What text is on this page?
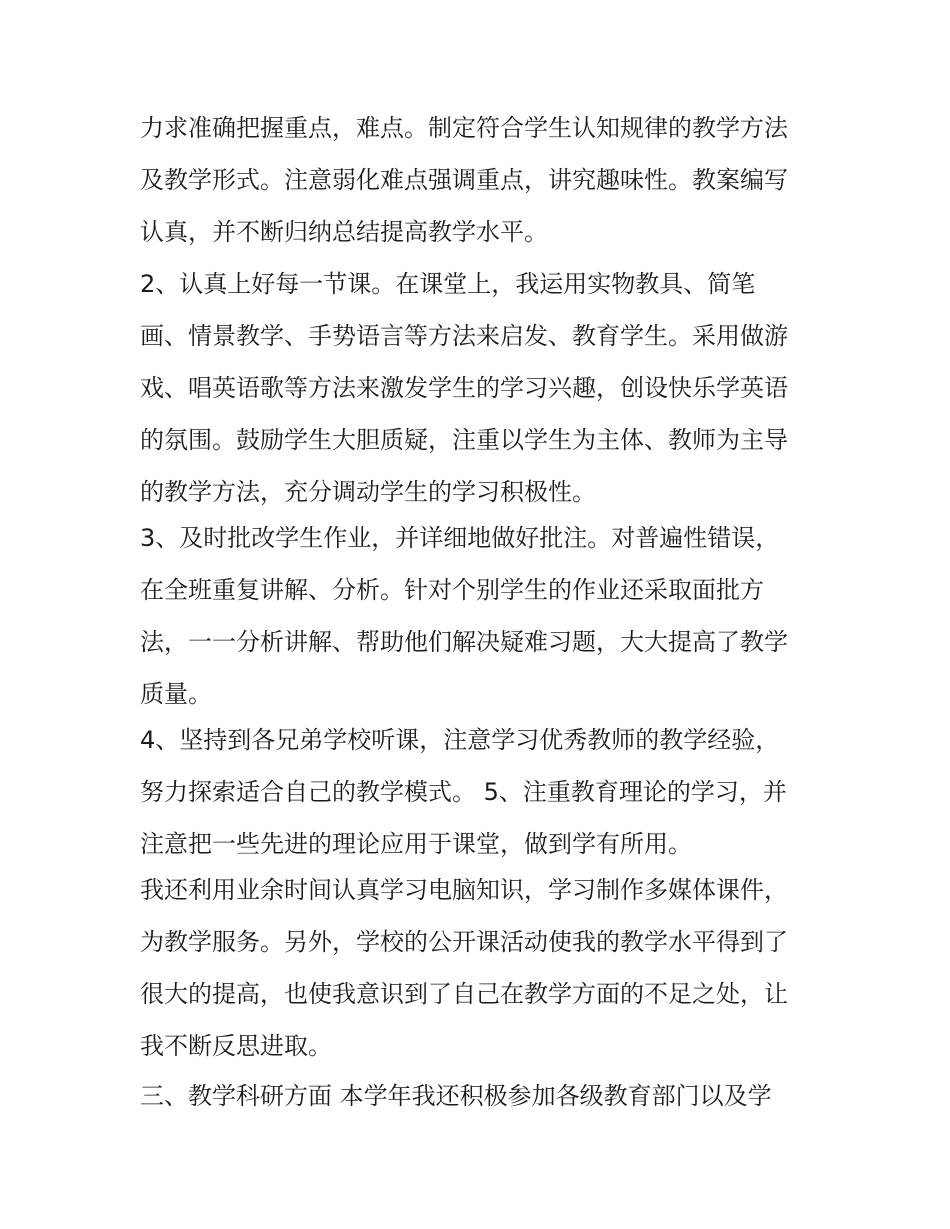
力求准确把握重点，难点。制定符合学生认知规律的教学方法
及教学形式。注意弱化难点强调重点，讲究趣味性。教案编写
认真，并不断归纳总结提高教学水平。
2、认真上好每一节课。在课堂上，我运用实物教具、简笔
画、情景教学、手势语言等方法来启发、教育学生。采用做游
戏、唱英语歌等方法来激发学生的学习兴趣，创设快乐学英语
的氛围。鼓励学生大胆质疑，注重以学生为主体、教师为主导
的教学方法，充分调动学生的学习积极性。
3、及时批改学生作业，并详细地做好批注。对普遍性错误，
在全班重复讲解、分析。针对个别学生的作业还采取面批方
法，一一分析讲解、帮助他们解决疑难习题，大大提高了教学
质量。
4、坚持到各兄弟学校听课，注意学习优秀教师的教学经验，
努力探索适合自己的教学模式。 5、注重教育理论的学习，并
注意把一些先进的理论应用于课堂，做到学有所用。
我还利用业余时间认真学习电脑知识，学习制作多媒体课件，
为教学服务。另外，学校的公开课活动使我的教学水平得到了
很大的提高，也使我意识到了自己在教学方面的不足之处，让
我不断反思进取。
三、教学科研方面 本学年我还积极参加各级教育部门以及学
